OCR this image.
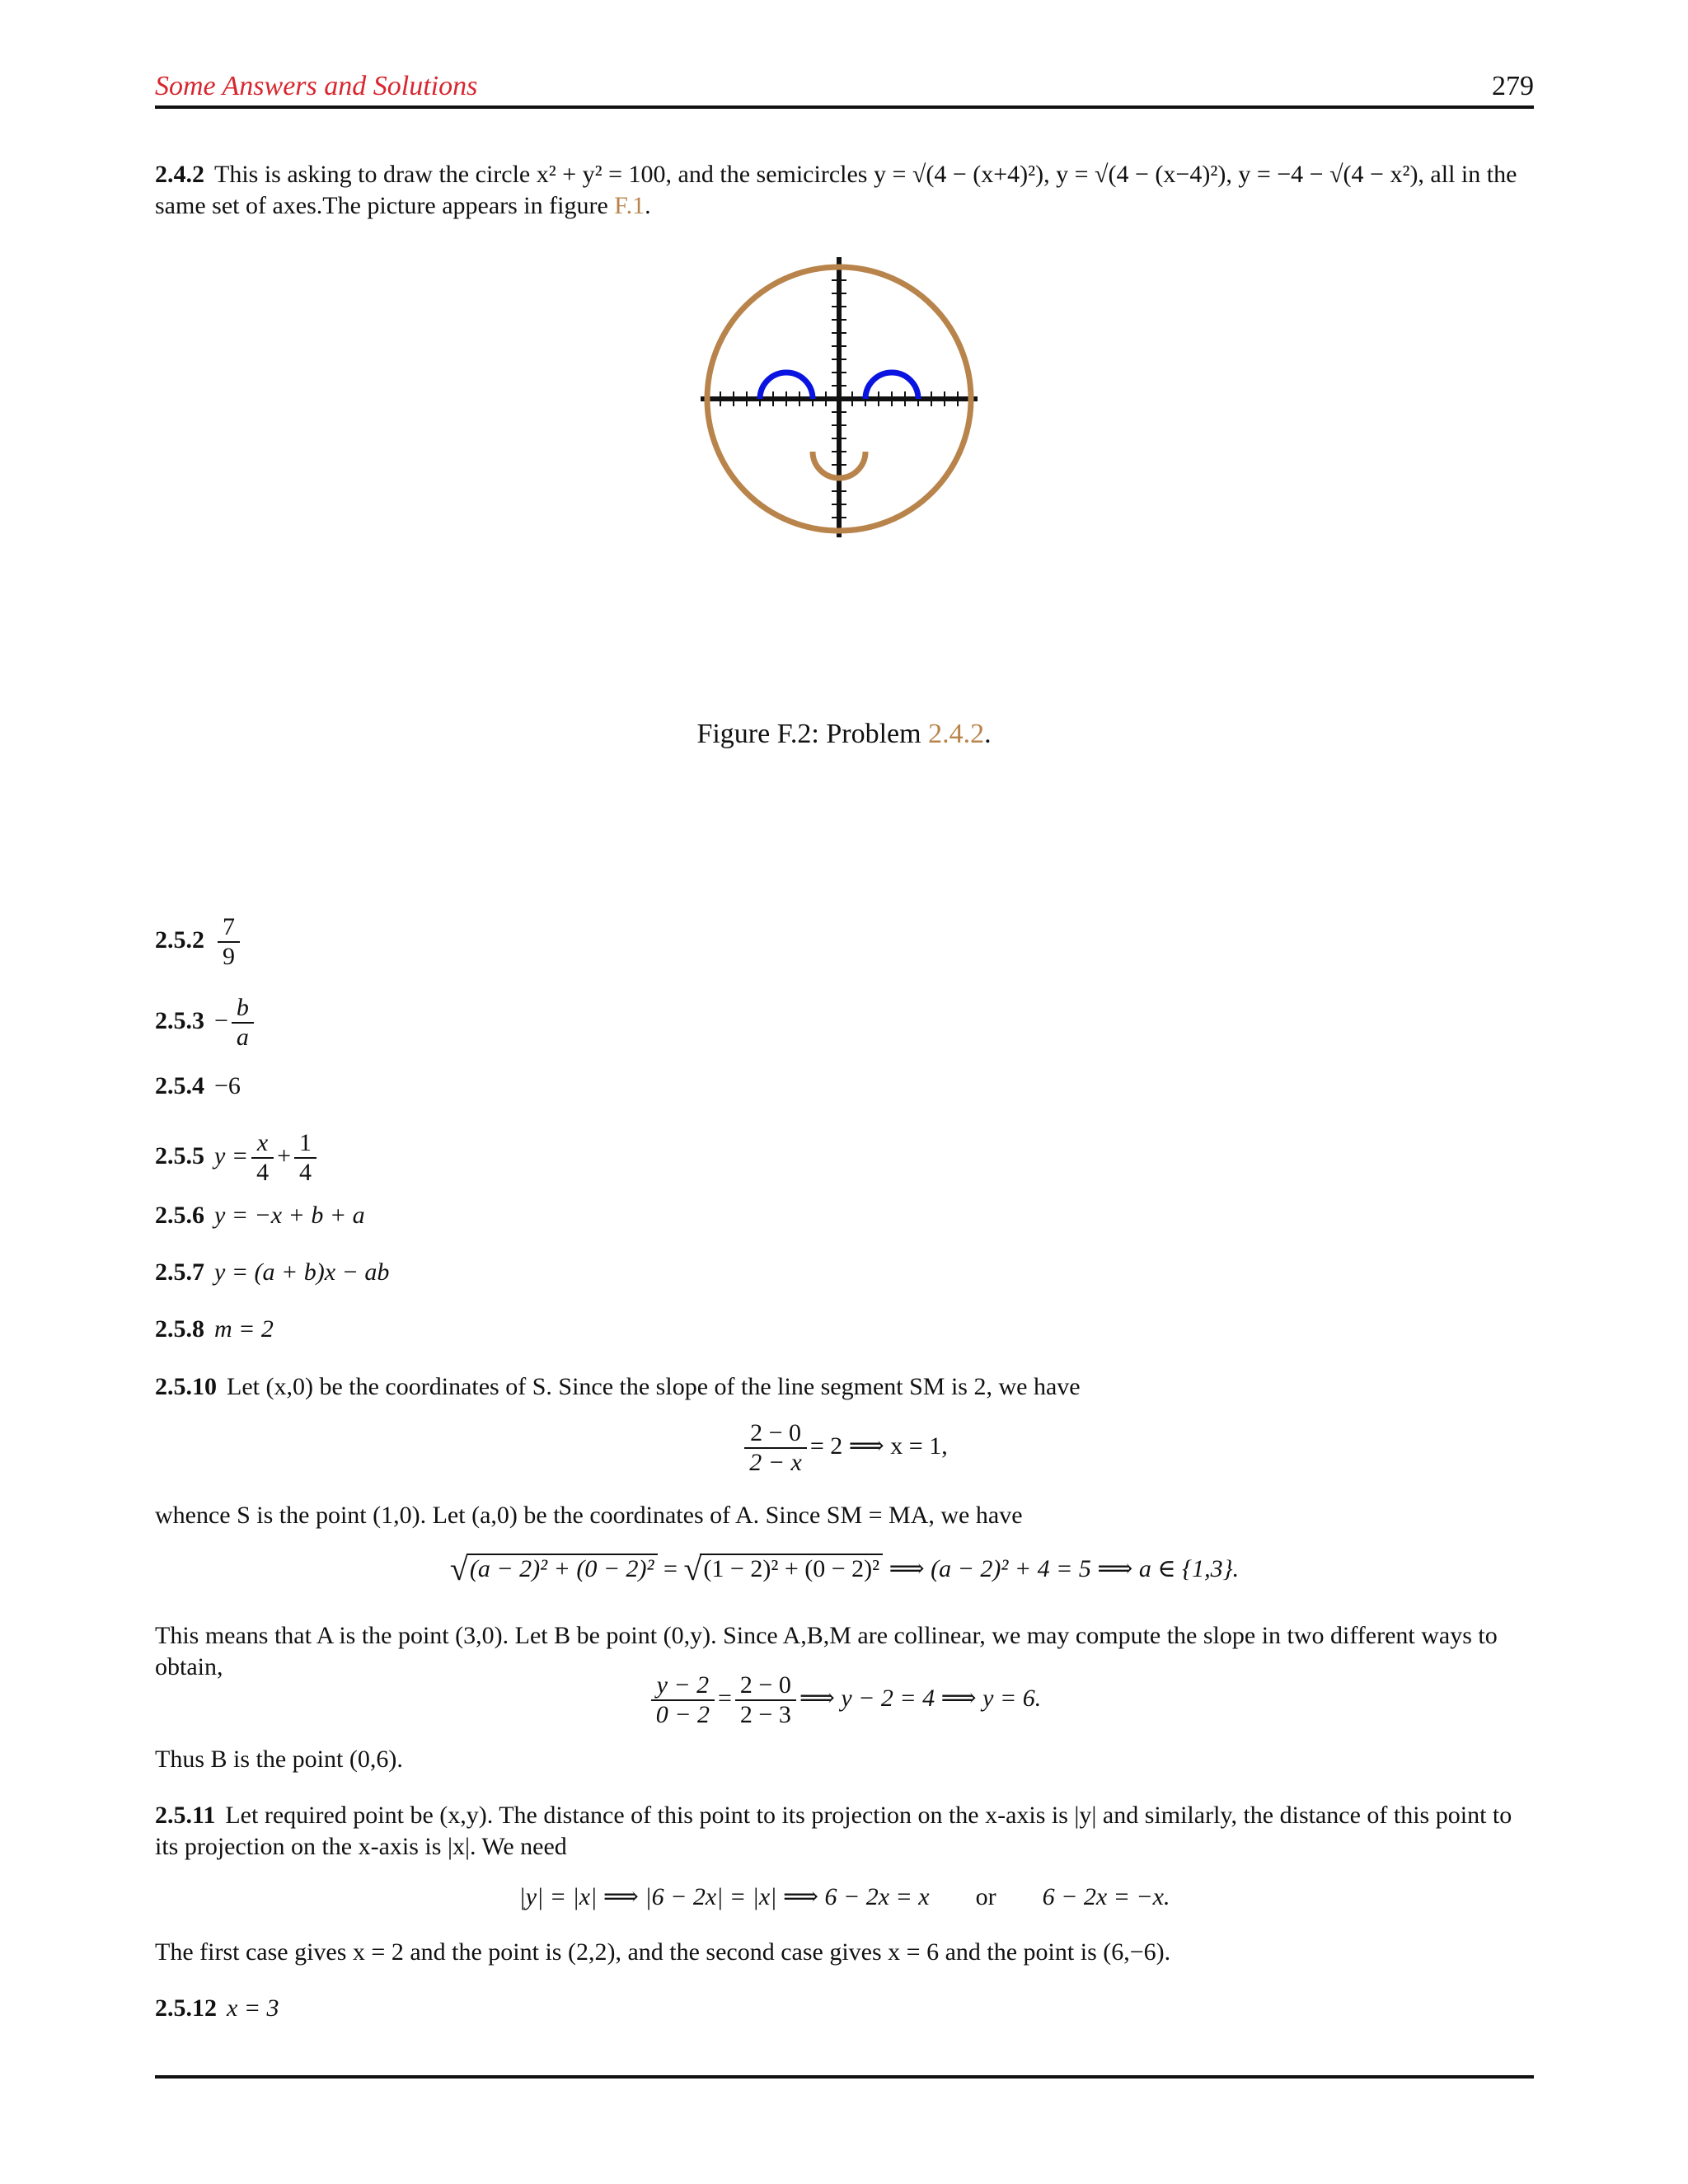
Some Answers and Solutions	279
2.4.2 This is asking to draw the circle x² + y² = 100, and the semicircles y = √(4 − (x+4)²), y = √(4 − (x−4)²), y = −4 − √(4 − x²), all in the same set of axes.The picture appears in figure F.1.
Figure F.2: Problem 2.4.2.
$2.5.2 \frac{7}{9}$
$2.5.3 - \frac{b}{a}$
2.5.4 −6
2.5.5 $y = \frac{x}{4} + \frac{1}{4}$
2.5.6 y = −x + b + a
2.5.7 y = (a + b)x − ab
2.5.8 m = 2
2.5.10 Let (x,0) be the coordinates of S. Since the slope of the line segment SM is 2, we have
$\frac{2 - 0}{2 - x} = 2$ ⟹ x = 1,
whence S is the point (1,0). Let (a,0) be the coordinates of A. Since SM = MA, we have
√(a − 2)² + (0 − 2)² = √(1 − 2)² + (0 − 2)² ⟹ (a − 2)² + 4 = 5 ⟹ a ∈ {1,3}.
This means that A is the point (3,0). Let B be point (0,y). Since A,B,M are collinear, we may compute the slope in two different ways to obtain,
$\frac{y - 2}{0 - 2} = \frac{2 - 0}{2 - 3}$ ⟹ y − 2 = 4 ⟹ y = 6.
Thus B is the point (0,6).
2.5.11 Let required point be (x,y). The distance of this point to its projection on the x-axis is |y| and similarly, the distance of this point to its projection on the x-axis is |x|. We need
|y| = |x| ⟹ |6 − 2x| = |x| ⟹ 6 − 2x = x or 6 − 2x = −x.
The first case gives x = 2 and the point is (2,2), and the second case gives x = 6 and the point is (6,−6).
2.5.12 x = 3
